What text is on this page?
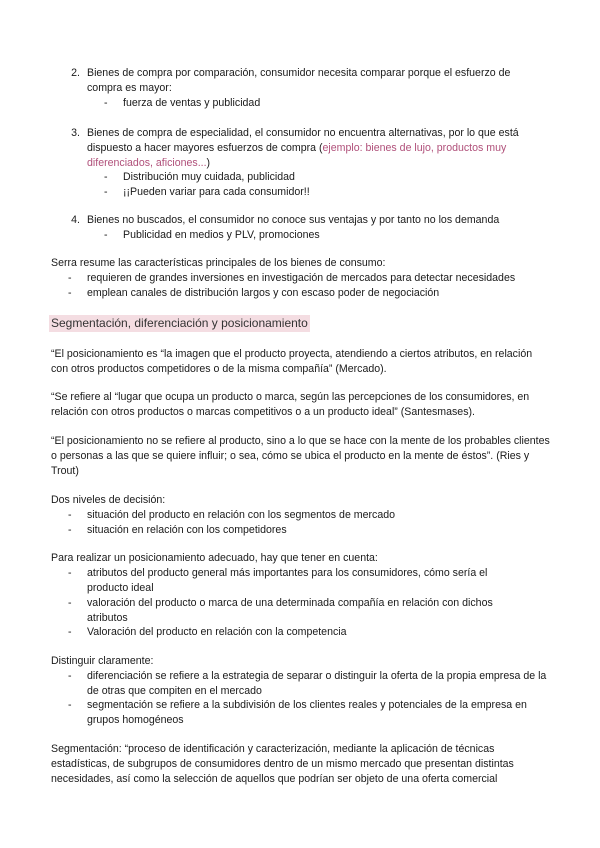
2. Bienes de compra por comparación, consumidor necesita comparar porque el esfuerzo de compra es mayor:

-	fuerza de ventas y publicidad

3. Bienes de compra de especialidad, el consumidor no encuentra alternativas, por lo que está dispuesto a hacer mayores esfuerzos de compra (ejemplo: bienes de lujo, productos muy diferenciados, aficiones...)

-	Distribución muy cuidada, publicidad

-	¡¡Pueden variar para cada consumidor!!

4. Bienes no buscados, el consumidor no conoce sus ventajas y por tanto no los demanda

-	Publicidad en medios y PLV, promociones

Serra resume las características principales de los bienes de consumo:

-	requieren de grandes inversiones en investigación de mercados para detectar necesidades

-	emplean canales de distribución largos y con escaso poder de negociación

Segmentación, diferenciación y posicionamiento

“El posicionamiento es “la imagen que el producto proyecta, atendiendo a ciertos atributos, en relación con otros productos competidores o de la misma compañía” (Mercado).

“Se refiere al “lugar que ocupa un producto o marca, según las percepciones de los consumidores, en relación con otros productos o marcas competitivos o a un producto ideal” (Santesmases).

“El posicionamiento no se refiere al producto, sino a lo que se hace con la mente de los probables clientes o personas a las que se quiere influir; o sea, cómo se ubica el producto en la mente de éstos”. (Ries y Trout)

Dos niveles de decisión:

-	situación del producto en relación con los segmentos de mercado

-	situación en relación con los competidores

Para realizar un posicionamiento adecuado, hay que tener en cuenta:

-	atributos del producto general más importantes para los consumidores, cómo sería el producto ideal

-	valoración del producto o marca de una determinada compañía en relación con dichos atributos

-	Valoración del producto en relación con la competencia

Distinguir claramente:

-	diferenciación se refiere a la estrategia de separar o distinguir la oferta de la propia empresa de la de otras que compiten en el mercado

-	segmentación se refiere a la subdivisión de los clientes reales y potenciales de la empresa en grupos homogéneos

Segmentación: “proceso de identificación y caracterización, mediante la aplicación de técnicas estadísticas, de subgrupos de consumidores dentro de un mismo mercado que presentan distintas necesidades, así como la selección de aquellos que podrían ser objeto de una oferta comercial
